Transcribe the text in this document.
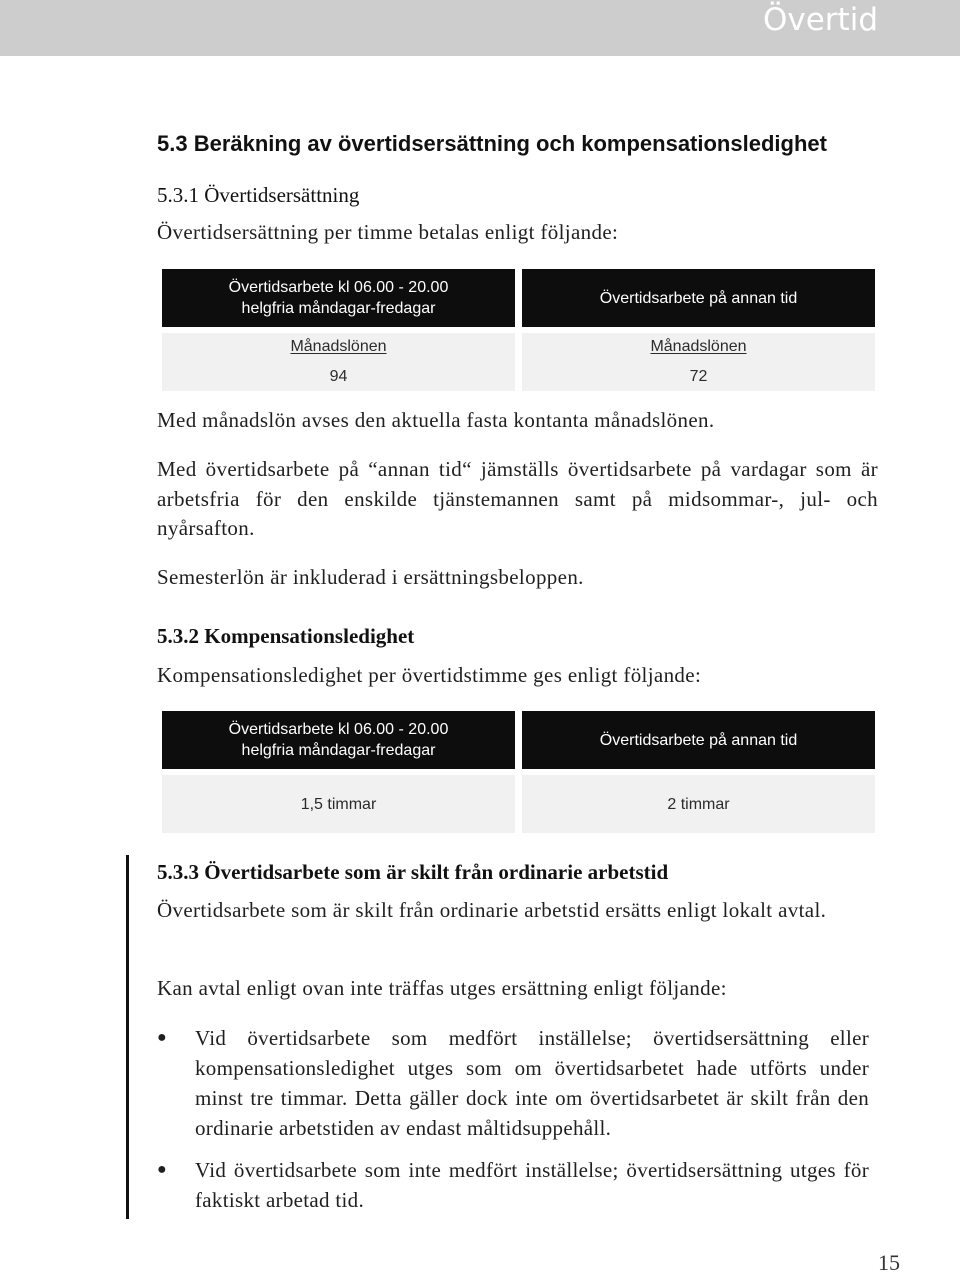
Övertid
5.3 Beräkning av övertidsersättning och kompensationsledighet
5.3.1 Övertidsersättning
Övertidsersättning per timme betalas enligt följande:
Med månadslön avses den aktuella fasta kontanta månadslönen.
Med övertidsarbete på “annan tid“ jämställs övertidsarbete på vardagar som är arbetsfria för den enskilde tjänstemannen samt på midsommar-, jul- och nyårsafton.
Semesterlön är inkluderad i ersättningsbeloppen.
5.3.2 Kompensationsledighet
Kompensationsledighet per övertidstimme ges enligt följande:
5.3.3 Övertidsarbete som är skilt från ordinarie arbetstid
Övertidsarbete som är skilt från ordinarie arbetstid ersätts enligt lokalt avtal.
Kan avtal enligt ovan inte träffas utges ersättning enligt följande:
Övertidsarbete kl 06.00 - 20.00
helgfria måndagar-fredagar
Övertidsarbete på annan tid
Månadslönen
94
Månadslönen
72
Övertidsarbete kl 06.00 - 20.00
helgfria måndagar-fredagar
Övertidsarbete på annan tid
1,5 timmar	2 timmar
● Vid övertidsarbete som medfört inställelse; övertidsersättning eller kompensationsledighet utges som om övertidsarbetet hade utförts under minst tre timmar. Detta gäller dock inte om övertidsarbetet är skilt från den ordinarie arbetstiden av endast måltidsuppehåll.
● Vid övertidsarbete som inte medfört inställelse; övertidsersättning utges för faktiskt arbetad tid.
15
